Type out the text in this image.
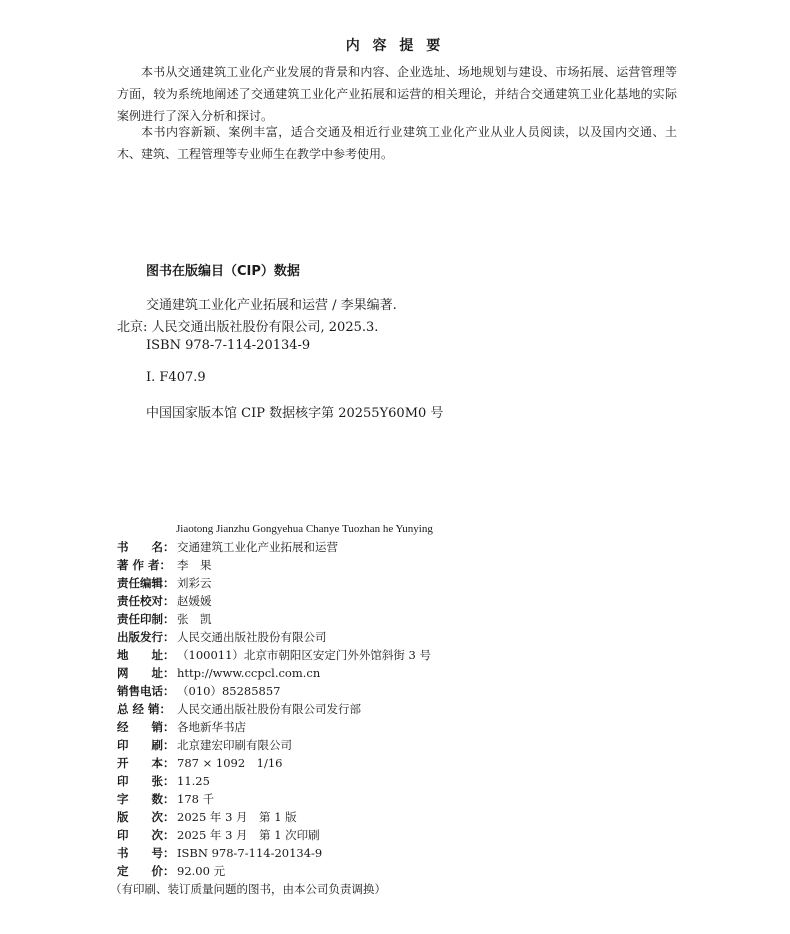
内 容 提 要

本书从交通建筑工业化产业发展的背景和内容、企业选址、场地规划与建设、市场拓展、运营管理等方面，较为系统地阐述了交通建筑工业化产业拓展和运营的相关理论，并结合交通建筑工业化基地的实际案例进行了深入分析和探讨。

本书内容新颖、案例丰富，适合交通及相近行业建筑工业化产业从业人员阅读，以及国内交通、土木、建筑、工程管理等专业师生在教学中参考使用。

图书在版编目（CIP）数据
交通建筑工业化产业拓展和运营 / 李果编著.
北京: 人民交通出版社股份有限公司, 2025.3.
ISBN 978-7-114-20134-9
I. F407.9
中国国家版本馆 CIP 数据核字第 20255Y60M0 号
Jiaotong Jianzhu Gongyehua Chanye Tuozhan he Yunying
书　　名： 交通建筑工业化产业拓展和运营
著 作 者： 李　果
责任编辑： 刘彩云
责任校对： 赵媛媛
责任印制： 张　凯
出版发行： 人民交通出版社股份有限公司
地　　址： （100011）北京市朝阳区安定门外外馆斜街 3 号
网　　址： http://www.ccpcl.com.cn
销售电话： （010）85285857
总 经 销： 人民交通出版社股份有限公司发行部
经　　销： 各地新华书店
印　　刷： 北京建宏印刷有限公司
开　　本： 787 × 1092　1/16
印　　张： 11.25
字　　数： 178 千
版　　次： 2025 年 3 月　第 1 版
印　　次： 2025 年 3 月　第 1 次印刷
书　　号： ISBN 978-7-114-20134-9
定　　价： 92.00 元
（有印刷、装订质量问题的图书，由本公司负责调换）
